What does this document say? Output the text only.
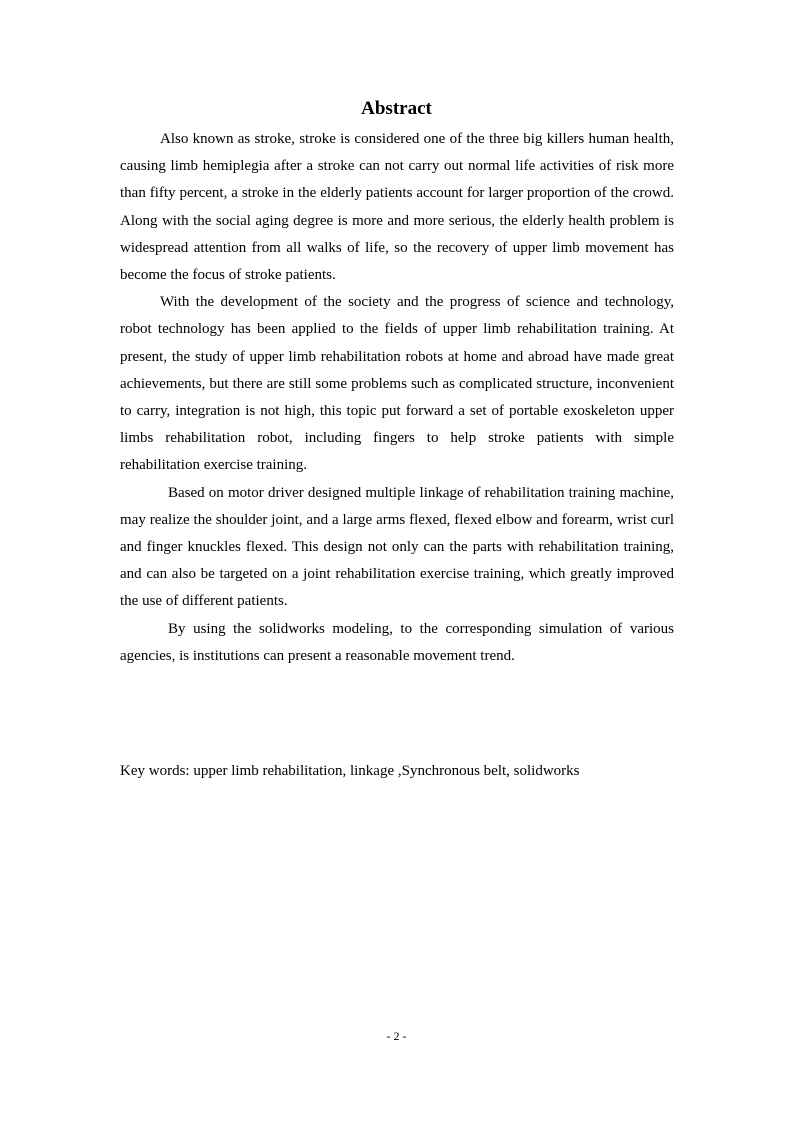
Abstract

Also known as stroke, stroke is considered one of the three big killers human health, causing limb hemiplegia after a stroke can not carry out normal life activities of risk more than fifty percent, a stroke in the elderly patients account for larger proportion of the crowd. Along with the social aging degree is more and more serious, the elderly health problem is widespread attention from all walks of life, so the recovery of upper limb movement has become the focus of stroke patients.

With the development of the society and the progress of science and technology, robot technology has been applied to the fields of upper limb rehabilitation training. At present, the study of upper limb rehabilitation robots at home and abroad have made great achievements, but there are still some problems such as complicated structure, inconvenient to carry, integration is not high, this topic put forward a set of portable exoskeleton upper limbs rehabilitation robot, including fingers to help stroke patients with simple rehabilitation exercise training.

Based on motor driver designed multiple linkage of rehabilitation training machine, may realize the shoulder joint, and a large arms flexed, flexed elbow and forearm, wrist curl and finger knuckles flexed. This design not only can the parts with rehabilitation training, and can also be targeted on a joint rehabilitation exercise training, which greatly improved the use of different patients.

By using the solidworks modeling, to the corresponding simulation of various agencies, is institutions can present a reasonable movement trend.

Key words: upper limb rehabilitation, linkage ,Synchronous belt, solidworks
- 2 -
